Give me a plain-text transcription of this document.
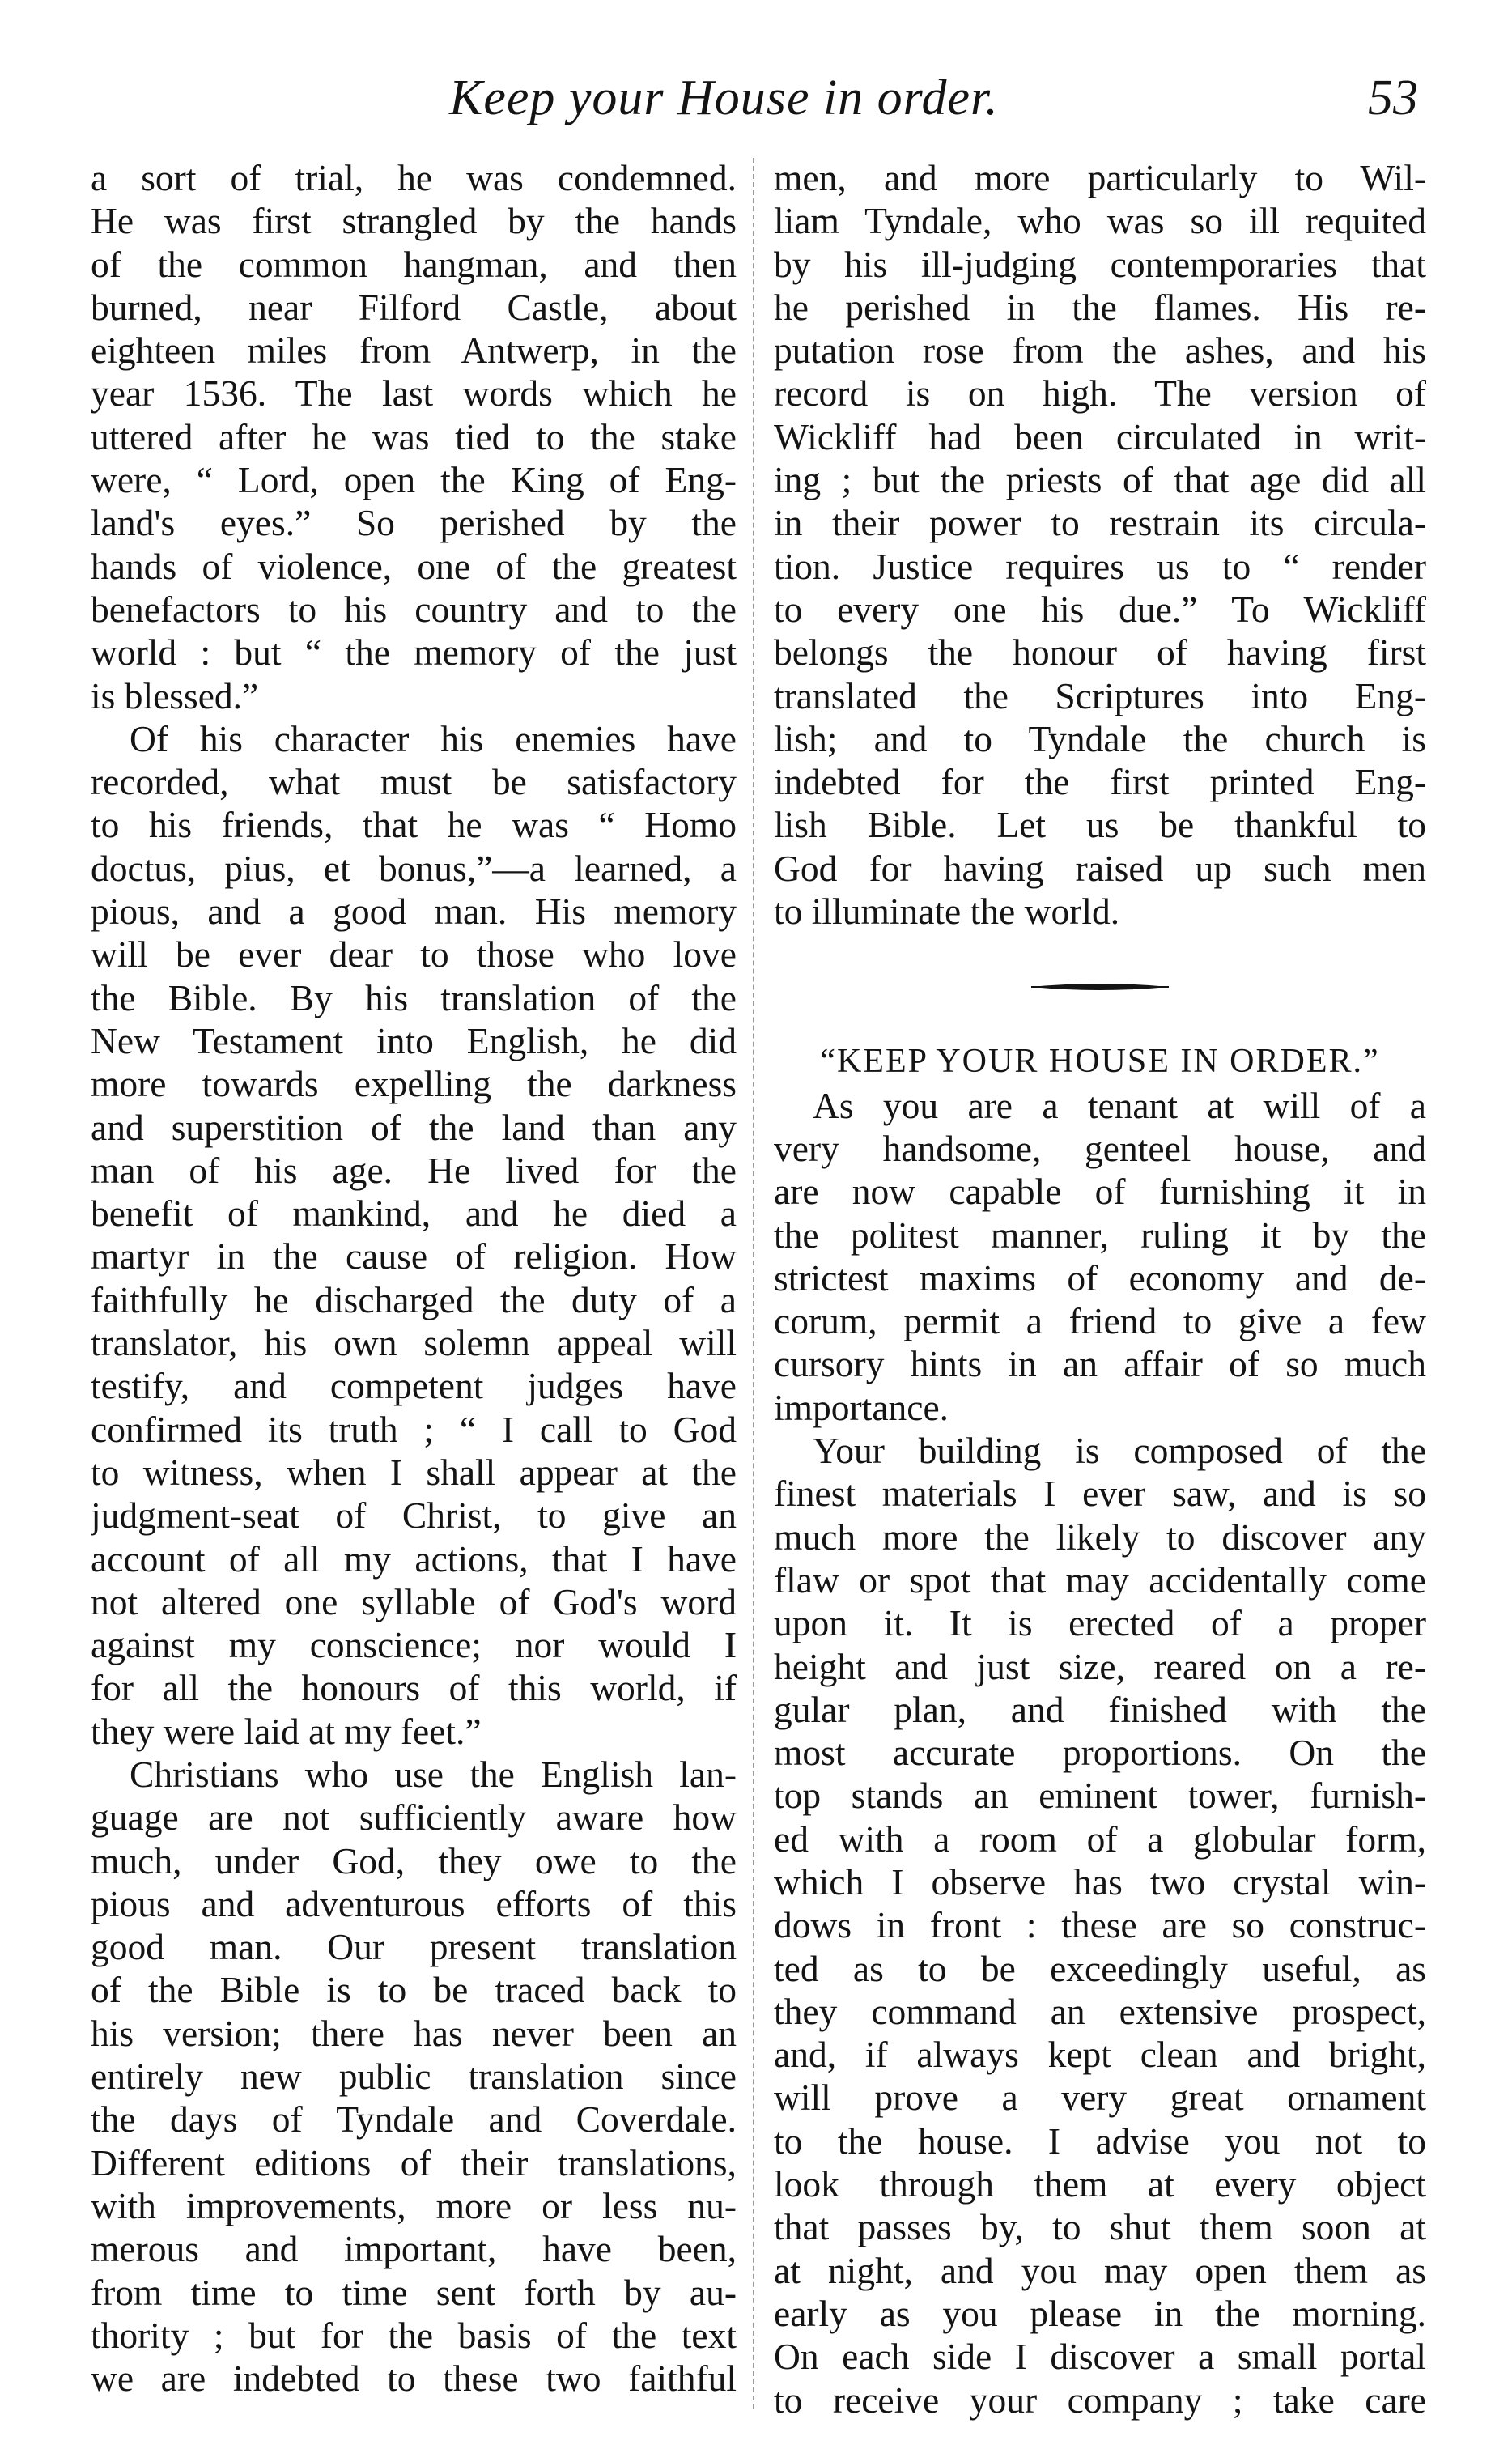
Keep your House in order.	53
a sort of trial, he was condemned.
He was first strangled by the hands
of the common hangman, and then
burned, near Filford Castle, about
eighteen miles from Antwerp, in the
year 1536. The last words which he
uttered after he was tied to the stake
were, “ Lord, open the King of Eng-
land's eyes.” So perished by the
hands of violence, one of the greatest
benefactors to his country and to the
world : but “ the memory of the just
is blessed.”
Of his character his enemies have
recorded, what must be satisfactory
to his friends, that he was “ Homo
doctus, pius, et bonus,”—a learned, a
pious, and a good man. His memory
will be ever dear to those who love
the Bible. By his translation of the
New Testament into English, he did
more towards expelling the darkness
and superstition of the land than any
man of his age. He lived for the
benefit of mankind, and he died a
martyr in the cause of religion. How
faithfully he discharged the duty of a
translator, his own solemn appeal will
testify, and competent judges have
confirmed its truth ; “ I call to God
to witness, when I shall appear at the
judgment-seat of Christ, to give an
account of all my actions, that I have
not altered one syllable of God's word
against my conscience; nor would I
for all the honours of this world, if
they were laid at my feet.”
Christians who use the English lan-
guage are not sufficiently aware how
much, under God, they owe to the
pious and adventurous efforts of this
good man. Our present translation
of the Bible is to be traced back to
his version; there has never been an
entirely new public translation since
the days of Tyndale and Coverdale.
Different editions of their translations,
with improvements, more or less nu-
merous and important, have been,
from time to time sent forth by au-
thority ; but for the basis of the text
we are indebted to these two faithful
men, and more particularly to Wil-
liam Tyndale, who was so ill requited
by his ill-judging contemporaries that
he perished in the flames. His re-
putation rose from the ashes, and his
record is on high. The version of
Wickliff had been circulated in writ-
ing ; but the priests of that age did all
in their power to restrain its circula-
tion. Justice requires us to “ render
to every one his due.” To Wickliff
belongs the honour of having first
translated the Scriptures into Eng-
lish; and to Tyndale the church is
indebted for the first printed Eng-
lish Bible. Let us be thankful to
God for having raised up such men
to illuminate the world.
“KEEP YOUR HOUSE IN ORDER.”
As you are a tenant at will of a
very handsome, genteel house, and
are now capable of furnishing it in
the politest manner, ruling it by the
strictest maxims of economy and de-
corum, permit a friend to give a few
cursory hints in an affair of so much
importance.
Your building is composed of the
finest materials I ever saw, and is so
much more the likely to discover any
flaw or spot that may accidentally come
upon it. It is erected of a proper
height and just size, reared on a re-
gular plan, and finished with the
most accurate proportions. On the
top stands an eminent tower, furnish-
ed with a room of a globular form,
which I observe has two crystal win-
dows in front : these are so construc-
ted as to be exceedingly useful, as
they command an extensive prospect,
and, if always kept clean and bright,
will prove a very great ornament
to the house. I advise you not to
look through them at every object
that passes by, to shut them soon at
at night, and you may open them as
early as you please in the morning.
On each side I discover a small portal
to receive your company ; take care
